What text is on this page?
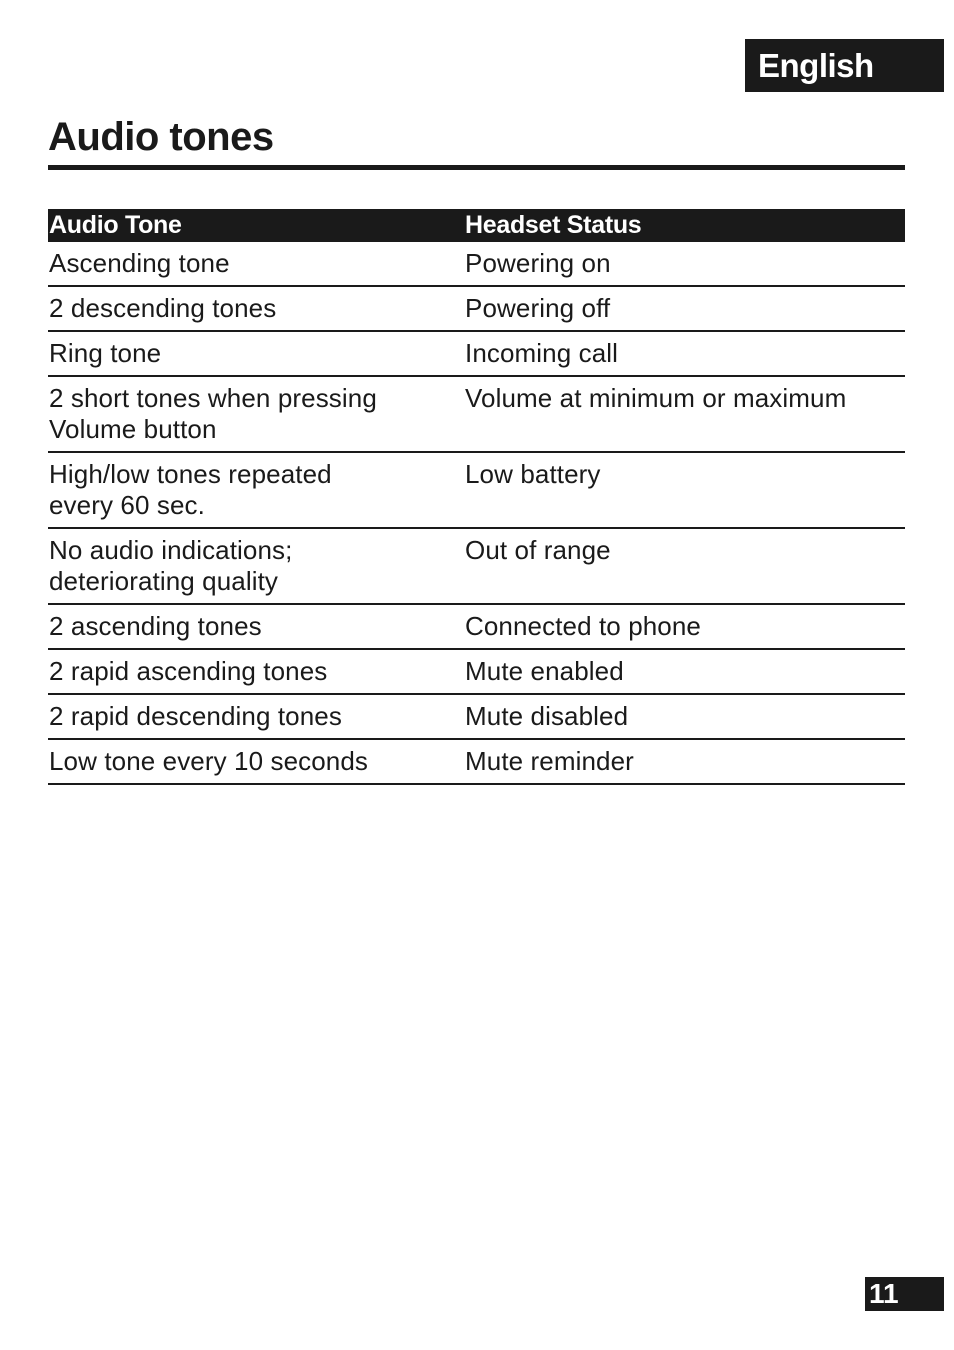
English
Audio tones
Audio Tone	Headset Status
Ascending tone	Powering on
2 descending tones	Powering off
Ring tone	Incoming call
2 short tones when pressing
Volume button	Volume at minimum or maximum
High/low tones repeated
every 60 sec.	Low battery
No audio indications;
deteriorating quality	Out of range
2 ascending tones	Connected to phone
2 rapid ascending tones	Mute enabled
2 rapid descending tones	Mute disabled
Low tone every 10 seconds	Mute reminder
11
